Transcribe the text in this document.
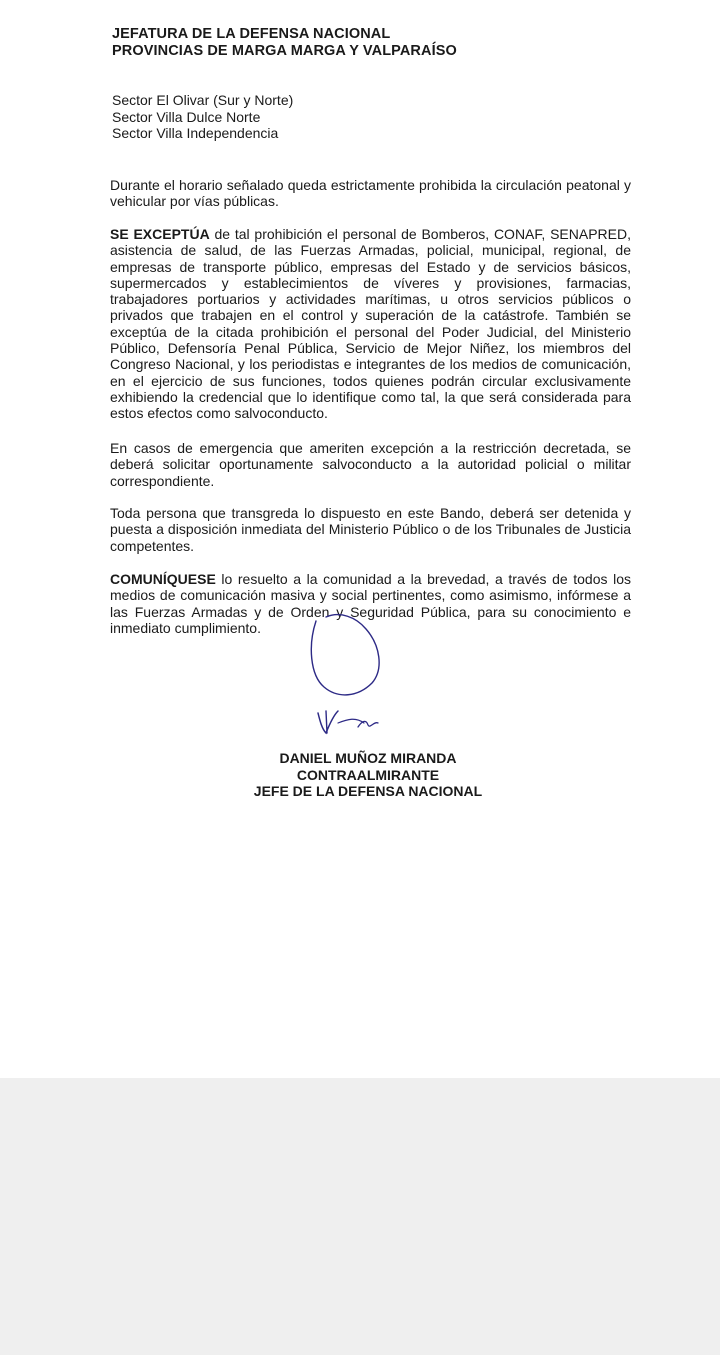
JEFATURA DE LA DEFENSA NACIONAL
PROVINCIAS DE MARGA MARGA Y VALPARAÍSO
Sector El Olivar (Sur y Norte)
Sector Villa Dulce Norte
Sector Villa Independencia

Durante el horario señalado queda estrictamente prohibida la circulación peatonal y vehicular por vías públicas.

SE EXCEPTÚA de tal prohibición el personal de Bomberos, CONAF, SENAPRED, asistencia de salud, de las Fuerzas Armadas, policial, municipal, regional, de empresas de transporte público, empresas del Estado y de servicios básicos, supermercados y establecimientos de víveres y provisiones, farmacias, trabajadores portuarios y actividades marítimas, u otros servicios públicos o privados que trabajen en el control y superación de la catástrofe. También se exceptúa de la citada prohibición el personal del Poder Judicial, del Ministerio Público, Defensoría Penal Pública, Servicio de Mejor Niñez, los miembros del Congreso Nacional, y los periodistas e integrantes de los medios de comunicación, en el ejercicio de sus funciones, todos quienes podrán circular exclusivamente exhibiendo la credencial que lo identifique como tal, la que será considerada para estos efectos como salvoconducto.

En casos de emergencia que ameriten excepción a la restricción decretada, se deberá solicitar oportunamente salvoconducto a la autoridad policial o militar correspondiente.

Toda persona que transgreda lo dispuesto en este Bando, deberá ser detenida y puesta a disposición inmediata del Ministerio Público o de los Tribunales de Justicia competentes.

COMUNÍQUESE lo resuelto a la comunidad a la brevedad, a través de todos los medios de comunicación masiva y social pertinentes, como asimismo, infórmese a las Fuerzas Armadas y de Orden y Seguridad Pública, para su conocimiento e inmediato cumplimiento.

DANIEL MUÑOZ MIRANDA
CONTRAALMIRANTE
JEFE DE LA DEFENSA NACIONAL
